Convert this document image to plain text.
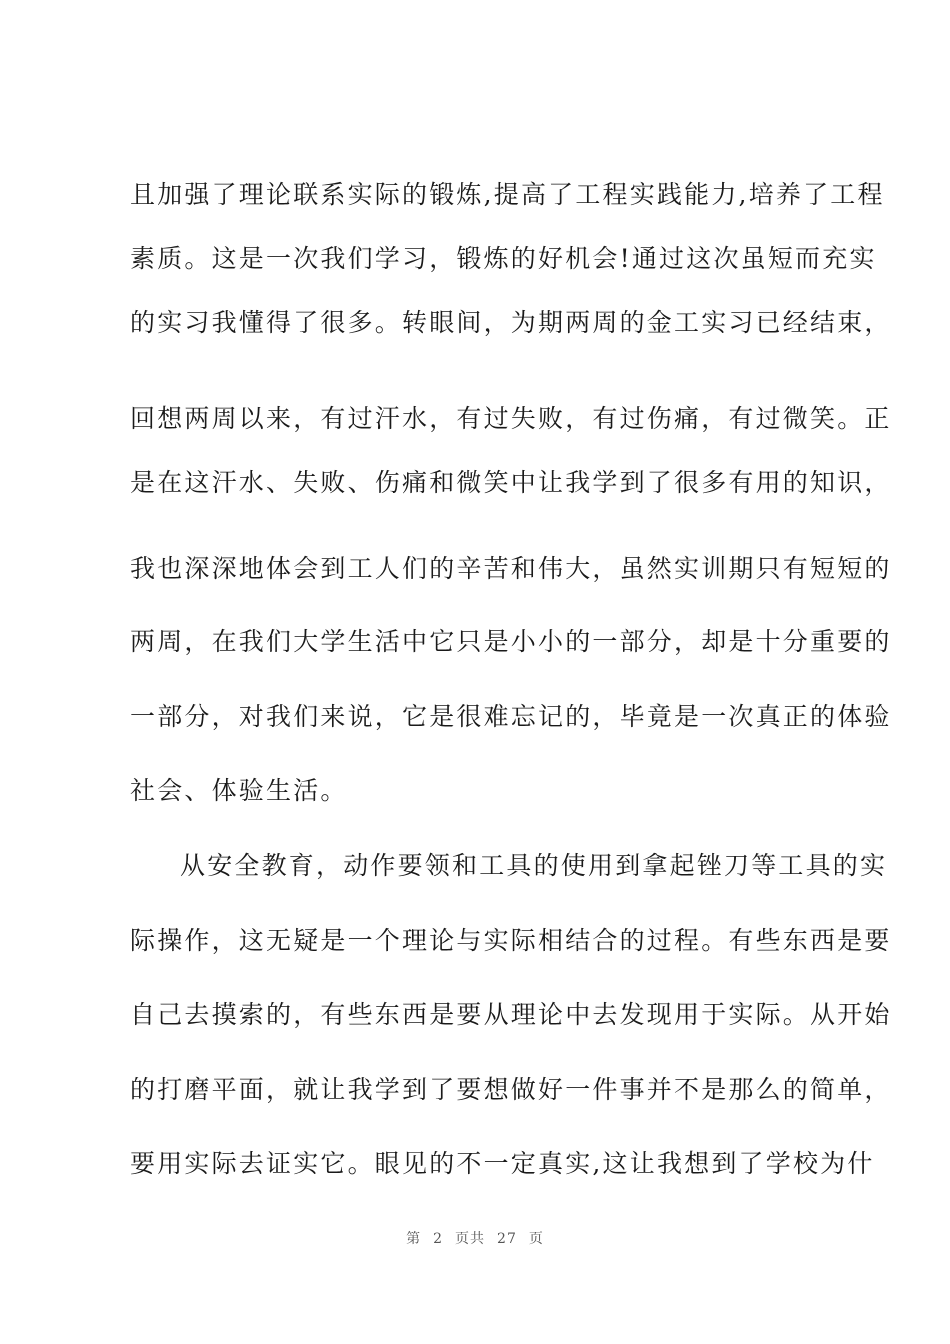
且加强了理论联系实际的锻炼,提高了工程实践能力,培养了工程
素质。这是一次我们学习，锻炼的好机会!通过这次虽短而充实
的实习我懂得了很多。转眼间，为期两周的金工实习已经结束，
回想两周以来，有过汗水，有过失败，有过伤痛，有过微笑。正
是在这汗水、失败、伤痛和微笑中让我学到了很多有用的知识，
我也深深地体会到工人们的辛苦和伟大，虽然实训期只有短短的
两周，在我们大学生活中它只是小小的一部分，却是十分重要的
一部分，对我们来说，它是很难忘记的，毕竟是一次真正的体验
社会、体验生活。
从安全教育，动作要领和工具的使用到拿起锉刀等工具的实
际操作，这无疑是一个理论与实际相结合的过程。有些东西是要
自己去摸索的，有些东西是要从理论中去发现用于实际。从开始
的打磨平面，就让我学到了要想做好一件事并不是那么的简单，
要用实际去证实它。眼见的不一定真实,这让我想到了学校为什
第 2 页共 27 页
